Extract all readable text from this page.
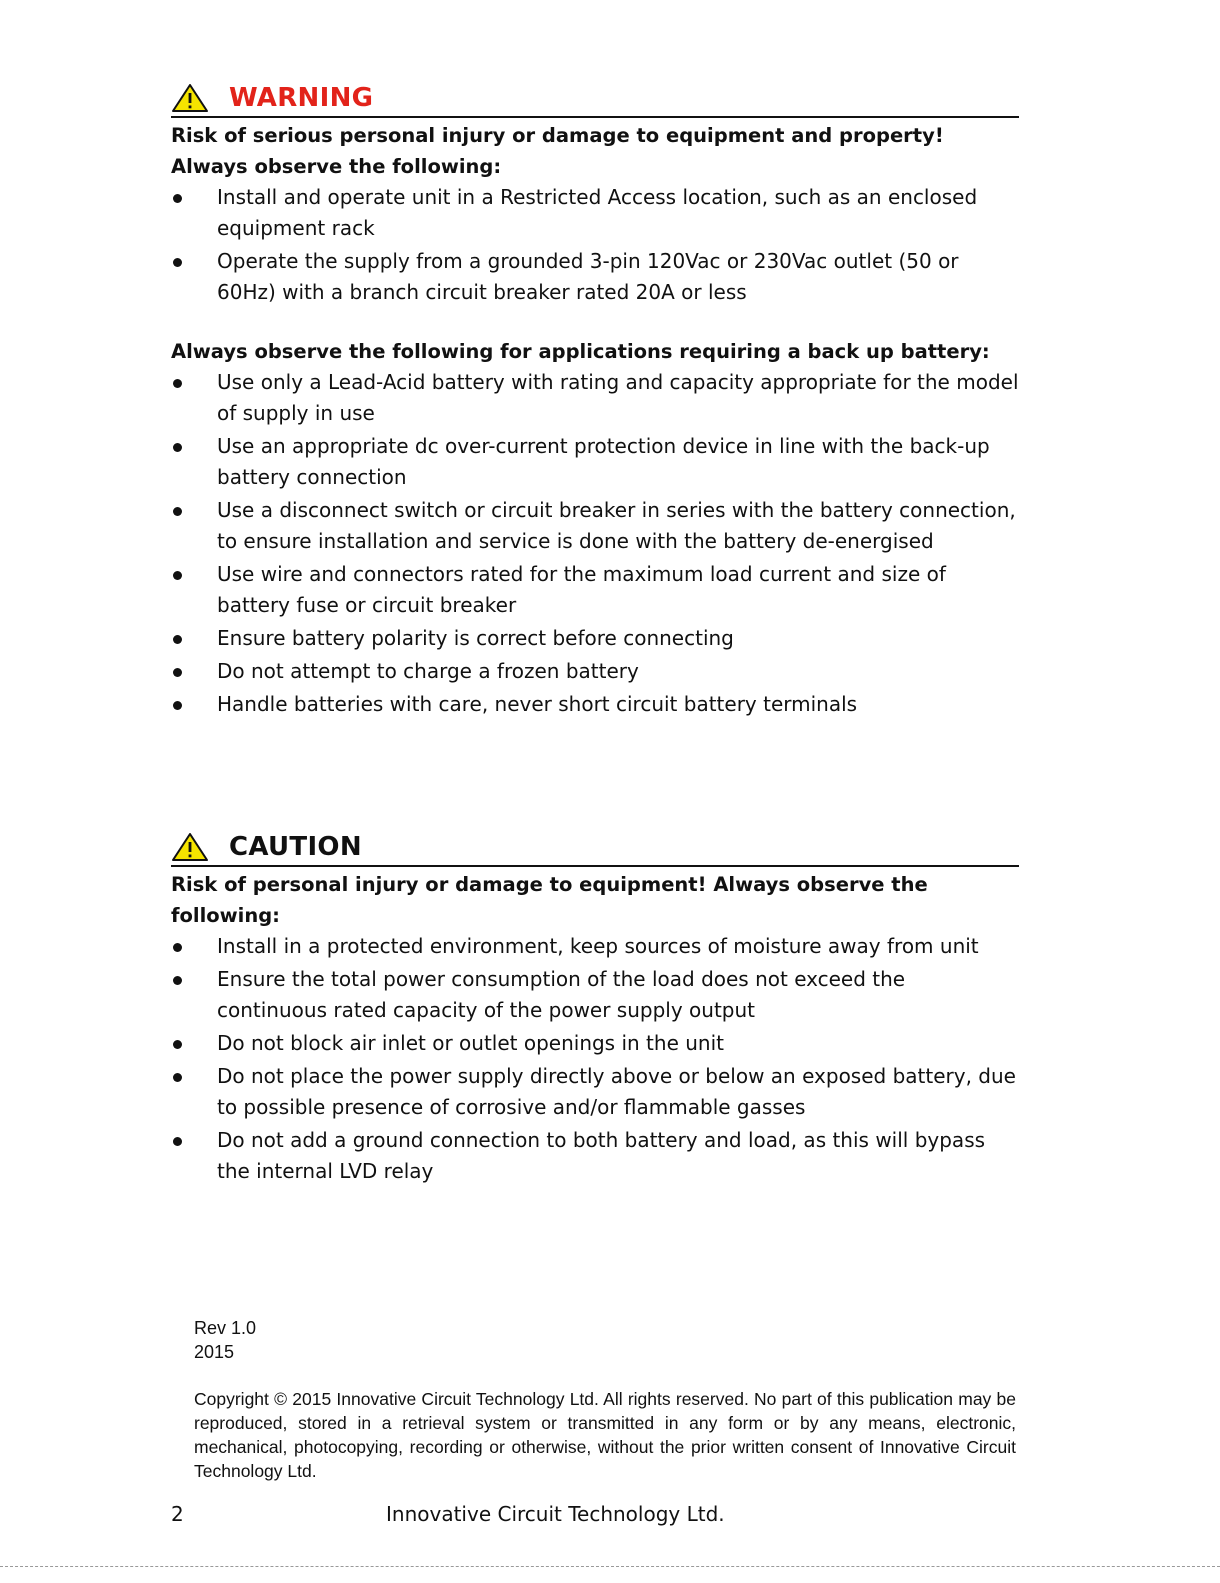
WARNING

Risk of serious personal injury or damage to equipment and property! Always observe the following:

Install and operate unit in a Restricted Access location, such as an enclosed equipment rack
Operate the supply from a grounded 3-pin 120Vac or 230Vac outlet (50 or 60Hz) with a branch circuit breaker rated 20A or less

Always observe the following for applications requiring a back up battery:

Use only a Lead-Acid battery with rating and capacity appropriate for the model of supply in use
Use an appropriate dc over-current protection device in line with the back-up battery connection
Use a disconnect switch or circuit breaker in series with the battery connection, to ensure installation and service is done with the battery de-energised
Use wire and connectors rated for the maximum load current and size of battery fuse or circuit breaker
Ensure battery polarity is correct before connecting
Do not attempt to charge a frozen battery
Handle batteries with care, never short circuit battery terminals
CAUTION

Risk of personal injury or damage to equipment! Always observe the following:

Install in a protected environment, keep sources of moisture away from unit
Ensure the total power consumption of the load does not exceed the continuous rated capacity of the power supply output
Do not block air inlet or outlet openings in the unit
Do not place the power supply directly above or below an exposed battery, due to possible presence of corrosive and/or flammable gasses
Do not add a ground connection to both battery and load, as this will bypass the internal LVD relay
Rev 1.0
2015
Copyright © 2015 Innovative Circuit Technology Ltd. All rights reserved. No part of this publication may be reproduced, stored in a retrieval system or transmitted in any form or by any means, electronic, mechanical, photocopying, recording or otherwise, without the prior written consent of Innovative Circuit Technology Ltd.
2	Innovative Circuit Technology Ltd.
